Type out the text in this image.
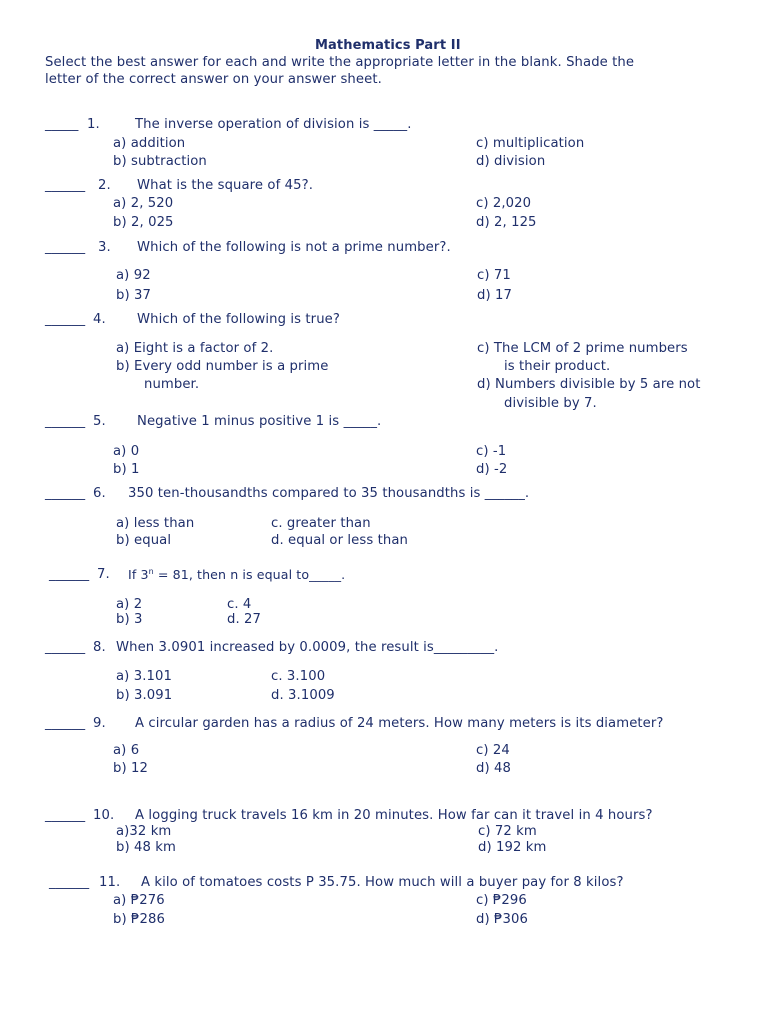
Mathematics Part II
Select the best answer for each and write the appropriate letter in the blank. Shade the
letter of the correct answer on your answer sheet.
_____ 1.	The inverse operation of division is _____.
a) addition
b) subtraction
c) multiplication
d) division
______ 2. What is the square of 45?.
a) 2, 520
b) 2, 025
c) 2,020
d) 2, 125
______ 3. Which of the following is not a prime number?.
a) 92
b) 37
c) 71
d) 17
______ 4. Which of the following is true?
a) Eight is a factor of 2.
b) Every odd number is a prime
number.
c) The LCM of 2 prime numbers
is their product.
d) Numbers divisible by 5 are not
divisible by 7.
______ 5. Negative 1 minus positive 1 is _____.
a) 0
b) 1
c) -1
d) -2
______ 6. 350 ten-thousandths compared to 35 thousandths is ______.
a) less than
b) equal
c. greater than
d. equal or less than
______ 7. If $3^n = 81$, then n is equal to_____.
a) 2
b) 3
c. 4
d. 27
______ 8. When 3.0901 increased by 0.0009, the result is_________.
a) 3.101
b) 3.091
c. 3.100
d. 3.1009
______ 9. A circular garden has a radius of 24 meters. How many meters is its diameter?
a) 6
b) 12
c) 24
d) 48
______ 10. A logging truck travels 16 km in 20 minutes. How far can it travel in 4 hours?
a)32 km
b) 48 km
c) 72 km
d) 192 km
______ 11. A kilo of tomatoes costs P 35.75. How much will a buyer pay for 8 kilos?
a) ₱276
b) ₱286
c) ₱296
d) ₱306
